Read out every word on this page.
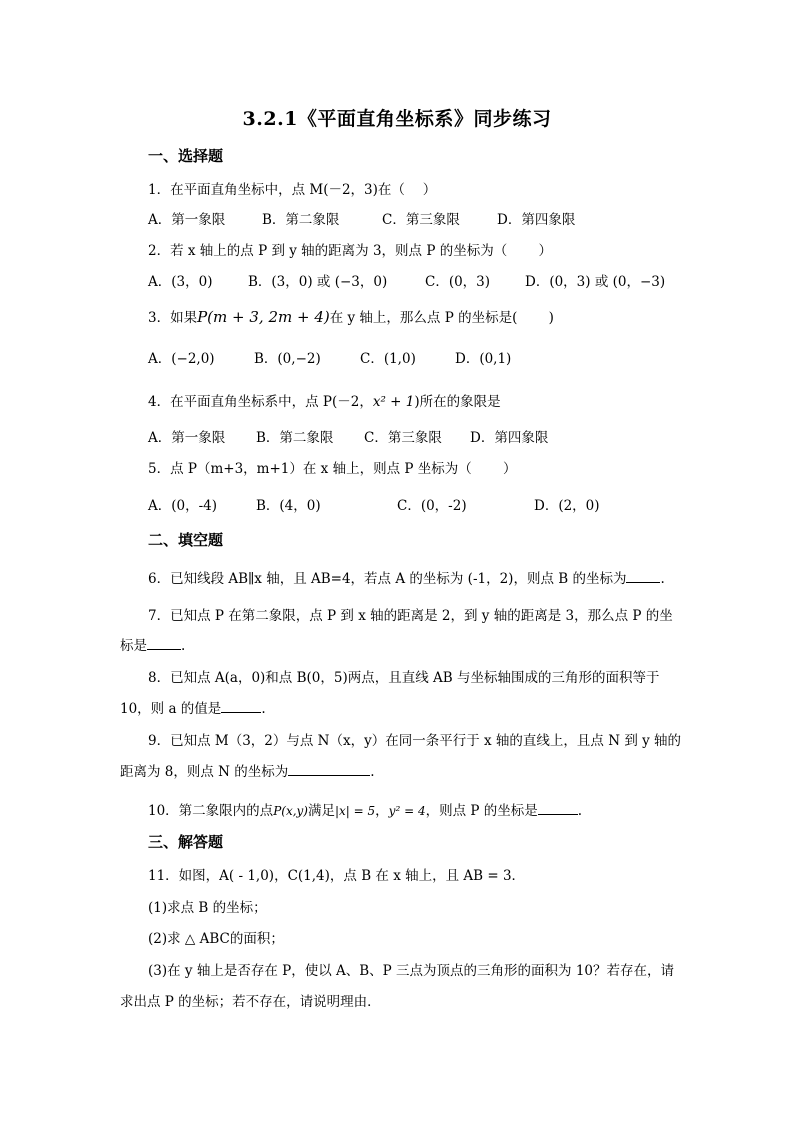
3.2.1《平面直角坐标系》同步练习
一、选择题
1．在平面直角坐标中，点 M(－2，3)在（　 ）
A．第一象限	B．第二象限	C．第三象限	D．第四象限
2．若 x 轴上的点 P 到 y 轴的距离为 3，则点 P 的坐标为（　　 ）
A．(3，0)	B．(3，0) 或 (−3，0)	C．(0，3)	D．(0，3) 或 (0，−3)
3．如果P(m + 3, 2m + 4)在 y 轴上，那么点 P 的坐标是(　　 )
A．(−2,0)	B．(0,−2)	C．(1,0)	D．(0,1)
4．在平面直角坐标系中，点 P(－2，x² + 1)所在的象限是
A．第一象限 B．第二象限 C．第三象限 D．第四象限
5．点 P（m+3，m+1）在 x 轴上，则点 P 坐标为（　　 ）
A．(0，-4)	B．(4，0)	C．(0，-2)	D．(2，0)
二、填空题
6．已知线段 AB∥x 轴，且 AB=4，若点 A 的坐标为 (-1，2)，则点 B 的坐标为	.
7．已知点 P 在第二象限，点 P 到 x 轴的距离是 2，到 y 轴的距离是 3，那么点 P 的坐
标是	.
8．已知点 A(a，0)和点 B(0，5)两点，且直线 AB 与坐标轴围成的三角形的面积等于
10，则 a 的值是	.
9．已知点 M（3，2）与点 N（x，y）在同一条平行于 x 轴的直线上，且点 N 到 y 轴的
距离为 8，则点 N 的坐标为	.
10．第二象限内的点P(x,y)满足|x| = 5，y² = 4，则点 P 的坐标是	.
三、解答题
11．如图，A( - 1,0)，C(1,4)，点 B 在 x 轴上，且 AB = 3．
(1)求点 B 的坐标；
(2)求 △ ABC的面积；
(3)在 y 轴上是否存在 P，使以 A、B、P 三点为顶点的三角形的面积为 10？若存在，请
求出点 P 的坐标；若不存在，请说明理由．
